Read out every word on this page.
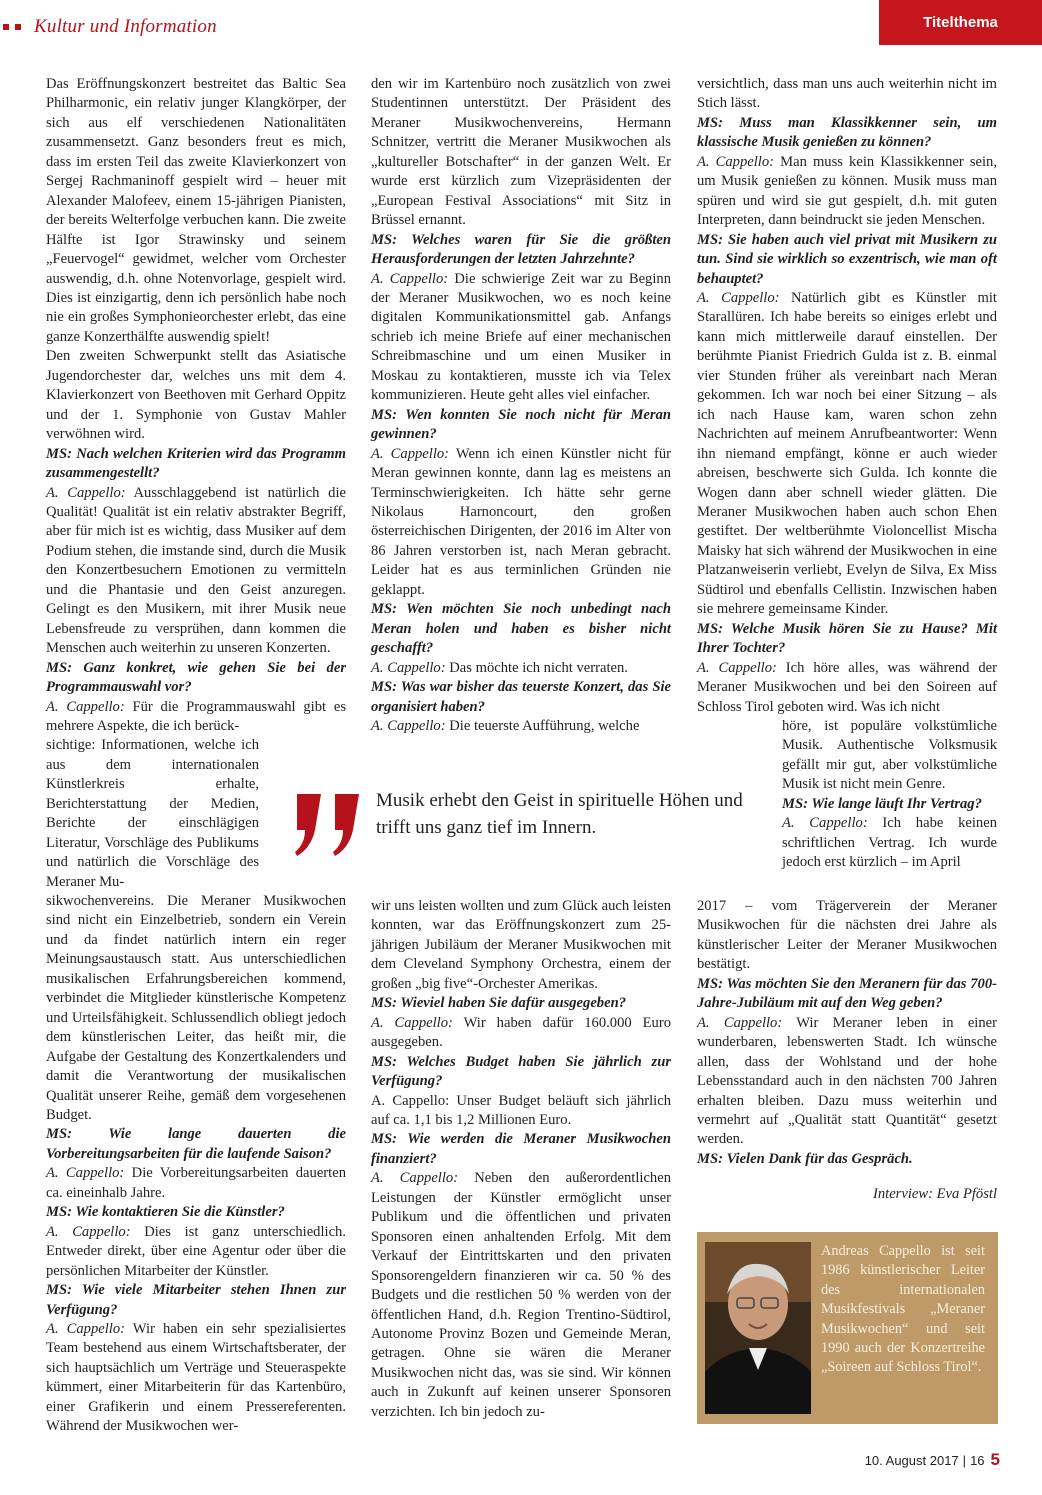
Kultur und Information	Titelthema

Das Eröffnungskonzert bestreitet das Baltic Sea Philharmonic, ein relativ junger Klangkörper, der sich aus elf verschiedenen Nationalitäten zusammensetzt. Ganz besonders freut es mich, dass im ersten Teil das zweite Klavierkonzert von Sergej Rachmaninoff gespielt wird – heuer mit Alexander Malofeev, einem 15-jährigen Pianisten, der bereits Welterfolge verbuchen kann. Die zweite Hälfte ist Igor Strawinsky und seinem „Feuervogel“ gewidmet, welcher vom Orchester auswendig, d.h. ohne Notenvorlage, gespielt wird. Dies ist einzigartig, denn ich persönlich habe noch nie ein großes Symphonieorchester erlebt, das eine ganze Konzerthälfte auswendig spielt!

Den zweiten Schwerpunkt stellt das Asiatische Jugendorchester dar, welches uns mit dem 4. Klavierkonzert von Beethoven mit Gerhard Oppitz und der 1. Symphonie von Gustav Mahler verwöhnen wird.

MS: Nach welchen Kriterien wird das Programm zusammengestellt?

A. Cappello: Ausschlaggebend ist natürlich die Qualität! Qualität ist ein relativ abstrakter Begriff, aber für mich ist es wichtig, dass Musiker auf dem Podium stehen, die imstande sind, durch die Musik den Konzertbesuchern Emotionen zu vermitteln und die Phantasie und den Geist anzuregen. Gelingt es den Musikern, mit ihrer Musik neue Lebensfreude zu versprühen, dann kommen die Menschen auch weiterhin zu unseren Konzerten.

MS: Ganz konkret, wie gehen Sie bei der Programmauswahl vor?

A. Cappello: Für die Programmauswahl gibt es mehrere Aspekte, die ich berück-

sichtige: Informationen, welche ich aus dem internationalen Künstlerkreis erhalte, Berichterstattung der Medien, Berichte der einschlägigen Literatur, Vorschläge des Publikums und natürlich die Vorschläge des Meraner Mu-

sikwochenvereins. Die Meraner Musikwochen sind nicht ein Einzelbetrieb, sondern ein Verein und da findet natürlich intern ein reger Meinungsaustausch statt. Aus unterschiedlichen musikalischen Erfahrungsbereichen kommend, verbindet die Mitglieder künstlerische Kompetenz und Urteilsfähigkeit. Schlussendlich obliegt jedoch dem künstlerischen Leiter, das heißt mir, die Aufgabe der Gestaltung des Konzertkalenders und damit die Verantwortung der musikalischen Qualität unserer Reihe, gemäß dem vorgesehenen Budget.

MS: Wie lange dauerten die Vorbereitungsarbeiten für die laufende Saison?

A. Cappello: Die Vorbereitungsarbeiten dauerten ca. eineinhalb Jahre.

MS: Wie kontaktieren Sie die Künstler?

A. Cappello: Dies ist ganz unterschiedlich. Entweder direkt, über eine Agentur oder über die persönlichen Mitarbeiter der Künstler.

MS: Wie viele Mitarbeiter stehen Ihnen zur Verfügung?

A. Cappello: Wir haben ein sehr spezialisiertes Team bestehend aus einem Wirtschaftsberater, der sich hauptsächlich um Verträge und Steueraspekte kümmert, einer Mitarbeiterin für das Kartenbüro, einer Grafikerin und einem Pressereferenten. Während der Musikwochen wer-

den wir im Kartenbüro noch zusätzlich von zwei Studentinnen unterstützt. Der Präsident des Meraner Musikwochenvereins, Hermann Schnitzer, vertritt die Meraner Musikwochen als „kultureller Botschafter“ in der ganzen Welt. Er wurde erst kürzlich zum Vizepräsidenten der „European Festival Associations“ mit Sitz in Brüssel ernannt.

MS: Welches waren für Sie die größten Herausforderungen der letzten Jahrzehnte?

A. Cappello: Die schwierige Zeit war zu Beginn der Meraner Musikwochen, wo es noch keine digitalen Kommunikationsmittel gab. Anfangs schrieb ich meine Briefe auf einer mechanischen Schreibmaschine und um einen Musiker in Moskau zu kontaktieren, musste ich via Telex kommunizieren. Heute geht alles viel einfacher.

MS: Wen konnten Sie noch nicht für Meran gewinnen?

A. Cappello: Wenn ich einen Künstler nicht für Meran gewinnen konnte, dann lag es meistens an Terminschwierigkeiten. Ich hätte sehr gerne Nikolaus Harnoncourt, den großen österreichischen Dirigenten, der 2016 im Alter von 86 Jahren verstorben ist, nach Meran gebracht. Leider hat es aus terminlichen Gründen nie geklappt.

MS: Wen möchten Sie noch unbedingt nach Meran holen und haben es bisher nicht geschafft?

A. Cappello: Das möchte ich nicht verraten.

MS: Was war bisher das teuerste Konzert, das Sie organisiert haben?

A. Cappello: Die teuerste Aufführung, welche

Musik erhebt den Geist in spirituelle Höhen und trifft uns ganz tief im Innern.

wir uns leisten wollten und zum Glück auch leisten konnten, war das Eröffnungskonzert zum 25-jährigen Jubiläum der Meraner Musikwochen mit dem Cleveland Symphony Orchestra, einem der großen „big five“-Orchester Amerikas.

MS: Wieviel haben Sie dafür ausgegeben?

A. Cappello: Wir haben dafür 160.000 Euro ausgegeben.

MS: Welches Budget haben Sie jährlich zur Verfügung?

A. Cappello: Unser Budget beläuft sich jährlich auf ca. 1,1 bis 1,2 Millionen Euro.

MS: Wie werden die Meraner Musikwochen finanziert?

A. Cappello: Neben den außerordentlichen Leistungen der Künstler ermöglicht unser Publikum und die öffentlichen und privaten Sponsoren einen anhaltenden Erfolg. Mit dem Verkauf der Eintrittskarten und den privaten Sponsorengeldern finanzieren wir ca. 50 % des Budgets und die restlichen 50 % werden von der öffentlichen Hand, d.h. Region Trentino-Südtirol, Autonome Provinz Bozen und Gemeinde Meran, getragen. Ohne sie wären die Meraner Musikwochen nicht das, was sie sind. Wir können auch in Zukunft auf keinen unserer Sponsoren verzichten. Ich bin jedoch zu-

versichtlich, dass man uns auch weiterhin nicht im Stich lässt.

MS: Muss man Klassikkenner sein, um klassische Musik genießen zu können?

A. Cappello: Man muss kein Klassikkenner sein, um Musik genießen zu können. Musik muss man spüren und wird sie gut gespielt, d.h. mit guten Interpreten, dann beindruckt sie jeden Menschen.

MS: Sie haben auch viel privat mit Musikern zu tun. Sind sie wirklich so exzentrisch, wie man oft behauptet?

A. Cappello: Natürlich gibt es Künstler mit Starallüren. Ich habe bereits so einiges erlebt und kann mich mittlerweile darauf einstellen. Der berühmte Pianist Friedrich Gulda ist z. B. einmal vier Stunden früher als vereinbart nach Meran gekommen. Ich war noch bei einer Sitzung – als ich nach Hause kam, waren schon zehn Nachrichten auf meinem Anrufbeantworter: Wenn ihn niemand empfängt, könne er auch wieder abreisen, beschwerte sich Gulda. Ich konnte die Wogen dann aber schnell wieder glätten. Die Meraner Musikwochen haben auch schon Ehen gestiftet. Der weltberühmte Violoncellist Mischa Maisky hat sich während der Musikwochen in eine Platzanweiserin verliebt, Evelyn de Silva, Ex Miss Südtirol und ebenfalls Cellistin. Inzwischen haben sie mehrere gemeinsame Kinder.

MS: Welche Musik hören Sie zu Hause? Mit Ihrer Tochter?

A. Cappello: Ich höre alles, was während der Meraner Musikwochen und bei den Soireen auf Schloss Tirol geboten wird. Was ich nicht

höre, ist populäre volkstümliche Musik. Authentische Volksmusik gefällt mir gut, aber volkstümliche Musik ist nicht mein Genre.

MS: Wie lange läuft Ihr Vertrag?

A. Cappello: Ich habe keinen schriftlichen Vertrag. Ich wurde jedoch erst kürzlich – im April

2017 – vom Trägerverein der Meraner Musikwochen für die nächsten drei Jahre als künstlerischer Leiter der Meraner Musikwochen bestätigt.

MS: Was möchten Sie den Meranern für das 700-Jahre-Jubiläum mit auf den Weg geben?

A. Cappello: Wir Meraner leben in einer wunderbaren, lebenswerten Stadt. Ich wünsche allen, dass der Wohlstand und der hohe Lebensstandard auch in den nächsten 700 Jahren erhalten bleiben. Dazu muss weiterhin und vermehrt auf „Qualität statt Quantität“ gesetzt werden.

MS: Vielen Dank für das Gespräch.

Interview: Eva Pföstl
Andreas Cappello ist seit 1986 künstlerischer Leiter des internationalen Musikfestivals „Meraner Musikwochen“ und seit 1990 auch der Konzertreihe „Soireen auf Schloss Tirol“.
10. August 2017 | 16 5
